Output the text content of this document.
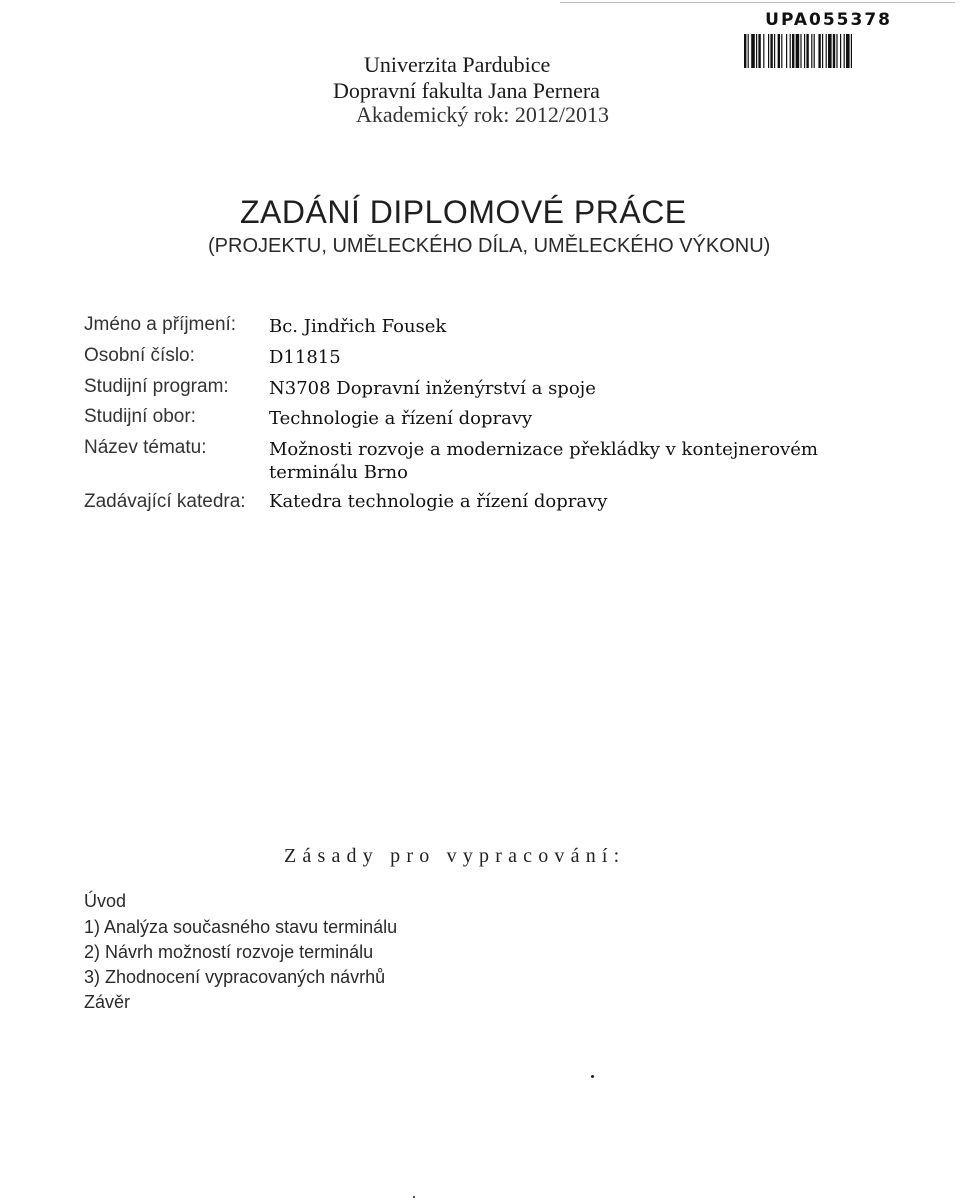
UPA055378
Univerzita Pardubice
Dopravní fakulta Jana Pernera
Akademický rok: 2012/2013
ZADÁNÍ DIPLOMOVÉ PRÁCE
(PROJEKTU, UMĚLECKÉHO DÍLA, UMĚLECKÉHO VÝKONU)
Jméno a příjmení: Bc. Jindřich Fousek
Osobní číslo:	D11815
Studijní program: N3708 Dopravní inženýrství a spoje
Studijní obor:	Technologie a řízení dopravy
Název tématu:	Možnosti rozvoje a modernizace překládky v kontejnerovém
terminálu Brno
Zadávající katedra: Katedra technologie a řízení dopravy
Zásady pro vypracování:
Úvod
1) Analýza současného stavu terminálu
2) Návrh možností rozvoje terminálu
3) Zhodnocení vypracovaných návrhů
Závěr
